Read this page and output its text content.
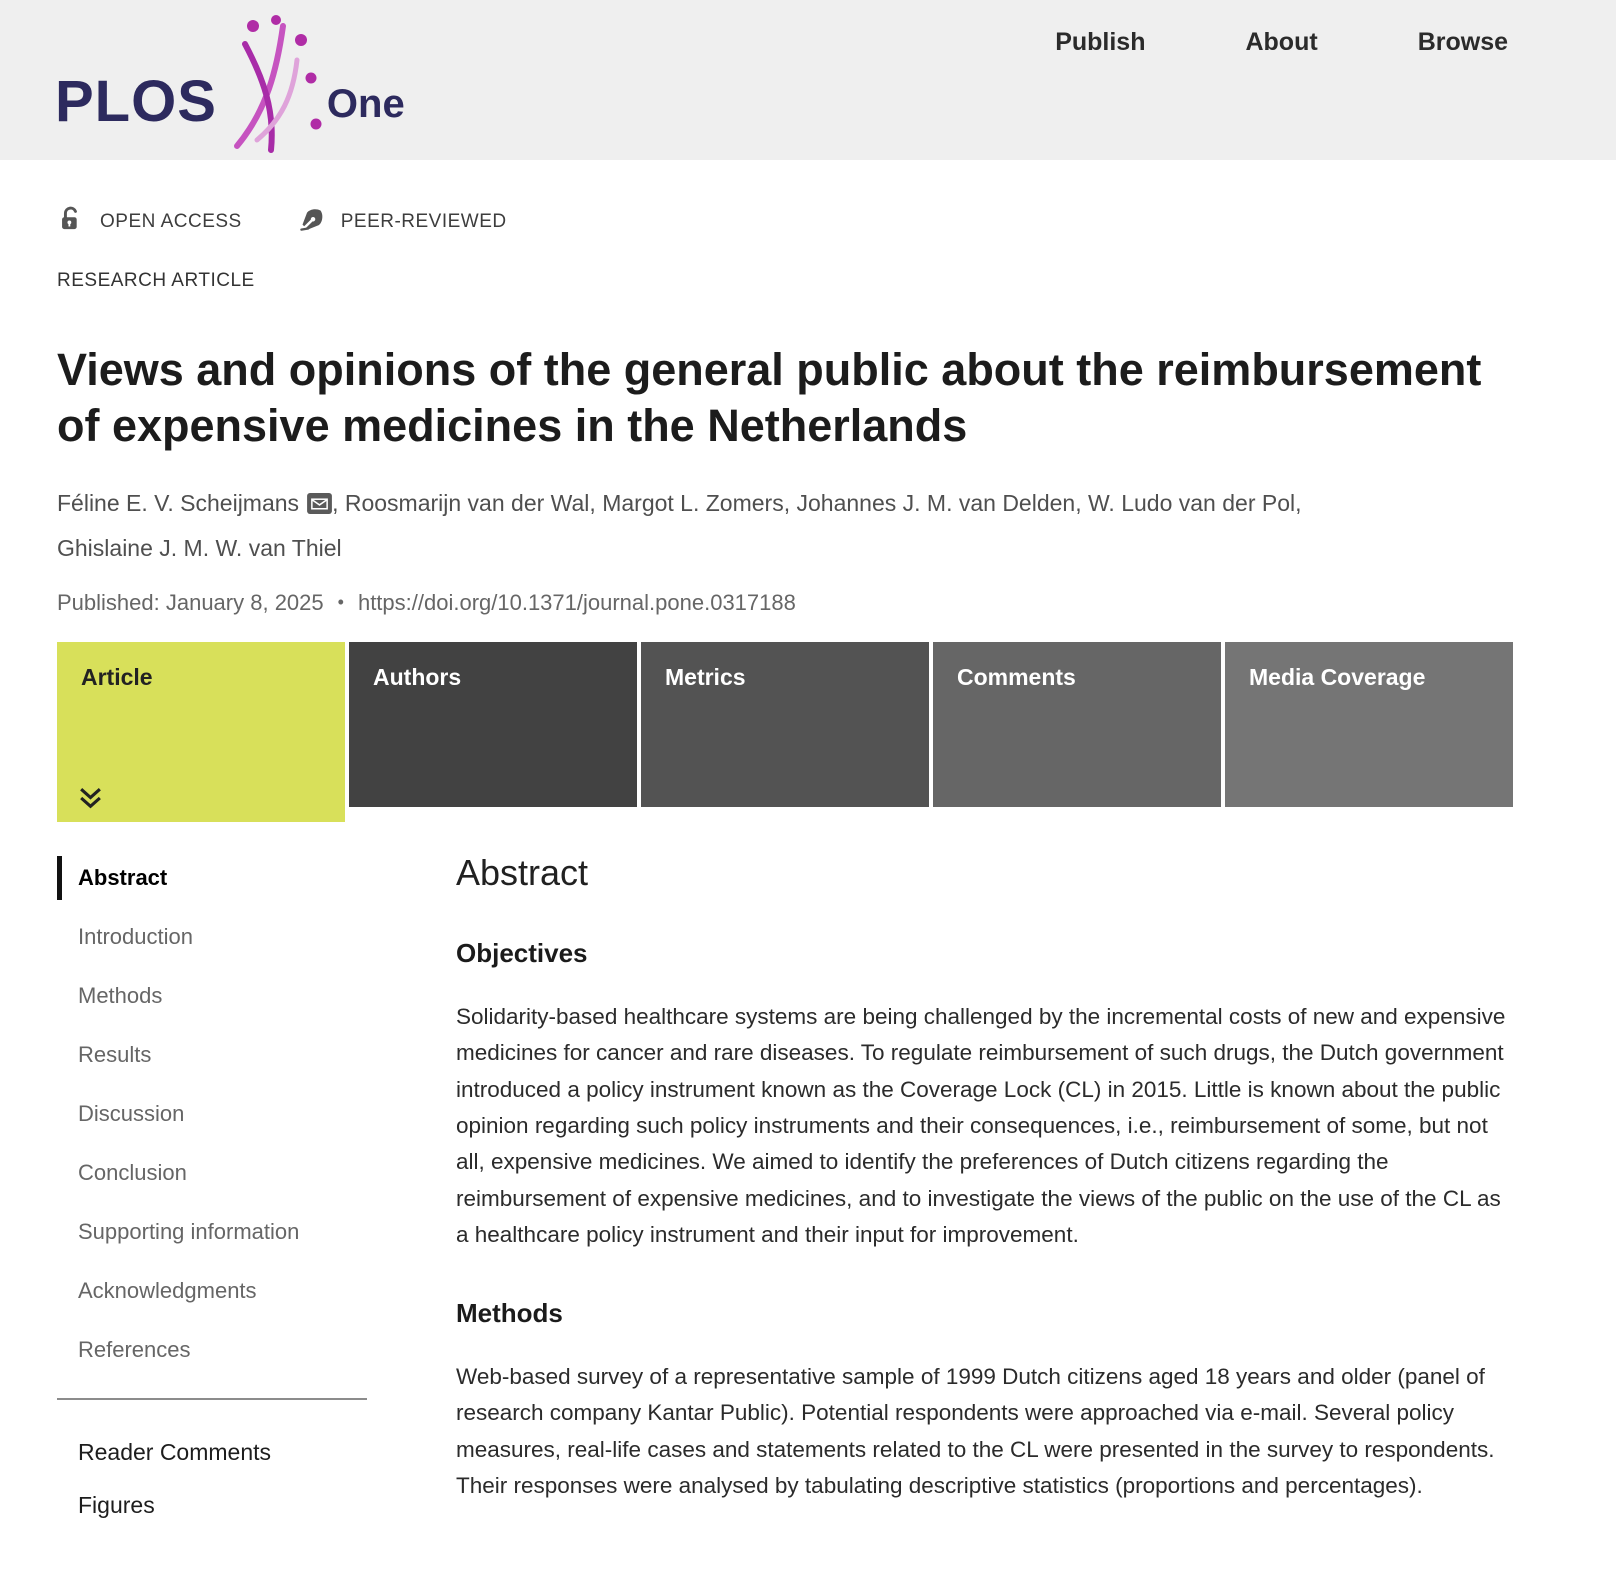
PLOS	One
Publish	About	Browse
OPEN ACCESS	PEER-REVIEWED
RESEARCH ARTICLE
Views and opinions of the general public about the reimbursement of expensive medicines in the Netherlands
Féline E. V. Scheijmans , Roosmarijn van der Wal , Margot L. Zomers , Johannes J. M. van Delden , W. Ludo van der Pol , Ghislaine J. M. W. van Thiel
Published: January 8, 2025 • https://doi.org/10.1371/journal.pone.0317188
Article	Authors	Metrics	Comments	Media Coverage
Abstract
Introduction
Methods
Results
Discussion
Conclusion
Supporting information
Acknowledgments
References
Reader Comments
Figures
Abstract
Objectives

Solidarity-based healthcare systems are being challenged by the incremental costs of new and expensive medicines for cancer and rare diseases. To regulate reimbursement of such drugs, the Dutch government introduced a policy instrument known as the Coverage Lock (CL) in 2015. Little is known about the public opinion regarding such policy instruments and their consequences, i.e., reimbursement of some, but not all, expensive medicines. We aimed to identify the preferences of Dutch citizens regarding the reimbursement of expensive medicines, and to investigate the views of the public on the use of the CL as a healthcare policy instrument and their input for improvement.

Methods

Web-based survey of a representative sample of 1999 Dutch citizens aged 18 years and older (panel of research company Kantar Public). Potential respondents were approached via e-mail. Several policy measures, real-life cases and statements related to the CL were presented in the survey to respondents. Their responses were analysed by tabulating descriptive statistics (proportions and percentages).
